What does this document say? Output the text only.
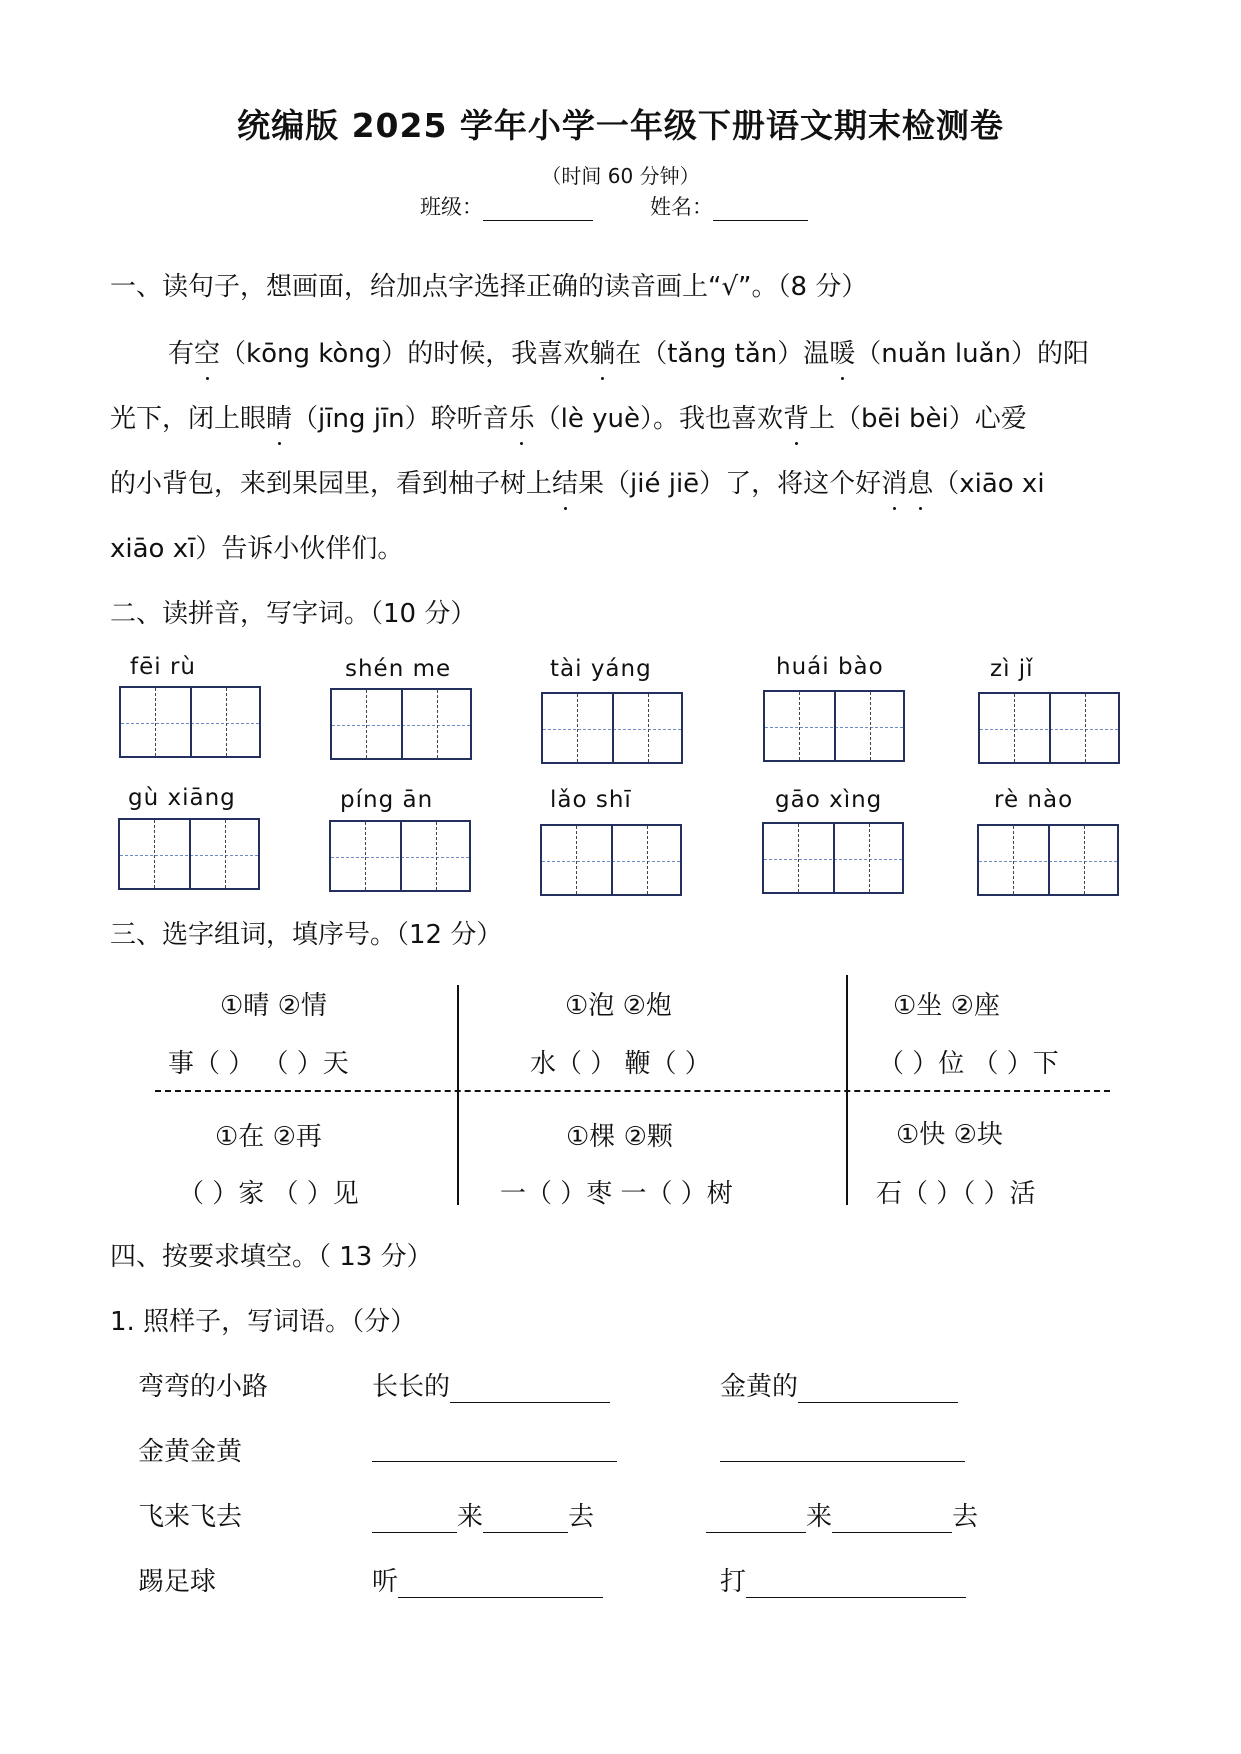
统编版 2025 学年小学一年级下册语文期末检测卷
（时间 60 分钟）
班级：	姓名：
一、读句子，想画面，给加点字选择正确的读音画上“√”。（8 分）
有空（kōng kòng）的时候，我喜欢躺在（tǎng tǎn）温暖（nuǎn luǎn）的阳
光下，闭上眼睛（jīng jīn）聆听音乐（lè yuè）。我也喜欢背上（bēi bèi）心爱
的小背包，来到果园里，看到柚子树上结果（jié jiē）了，将这个好消息（xiāo xi
xiāo xī）告诉小伙伴们。
二、读拼音，写字词。（10 分）
fēi rù	shén me	tài yáng	huái bào	zì jǐ
gù xiāng	píng ān	lǎo shī	gāo xìng	rè nào
三、选字组词，填序号。（12 分）
①晴 ②情
事（ ） （ ）天
①泡 ②炮
水（ ） 鞭（ ）
①坐 ②座
（ ）位 （ ）下
①在 ②再
（ ）家 （ ）见
①棵 ②颗
一（ ）枣 一（ ）树
①快 ②块
石（ ）（ ）活
四、按要求填空。（ 13 分）
1. 照样子，写词语。（分）
弯弯的小路	长长的	金黄的
金黄金黄
飞来飞去	来	去	来	去
踢足球	听	打
